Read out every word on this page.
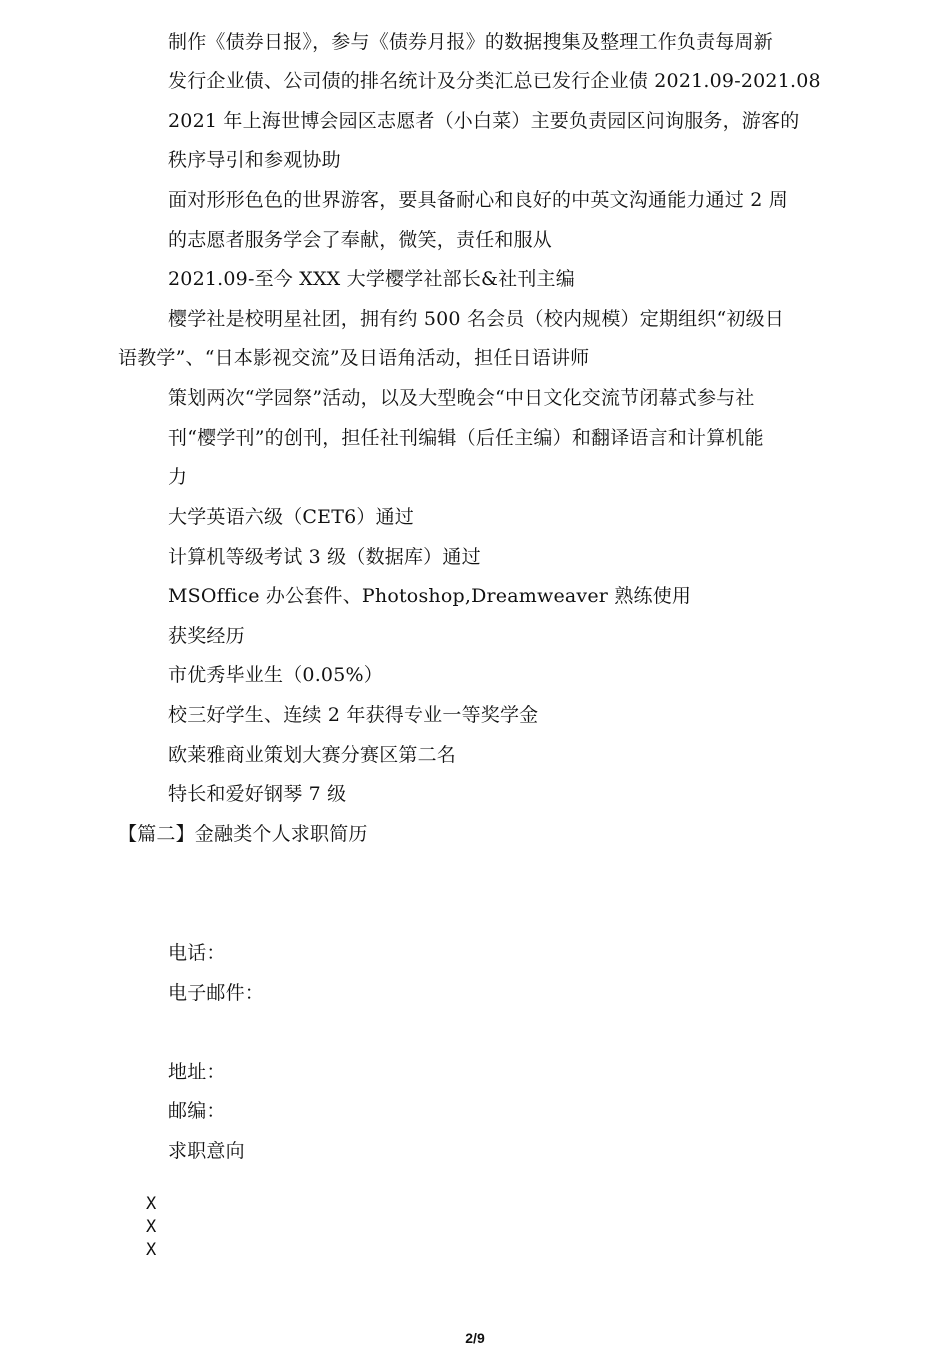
制作《债券日报》，参与《债券月报》的数据搜集及整理工作负责每周新
发行企业债、公司债的排名统计及分类汇总已发行企业债 2021.09-2021.08
2021 年上海世博会园区志愿者（小白菜）主要负责园区问询服务，游客的
秩序导引和参观协助
面对形形色色的世界游客，要具备耐心和良好的中英文沟通能力通过 2 周
的志愿者服务学会了奉献，微笑，责任和服从
2021.09-至今 XXX 大学樱学社部长&社刊主编
樱学社是校明星社团，拥有约 500 名会员（校内规模）定期组织“初级日
语教学”、“日本影视交流”及日语角活动，担任日语讲师
策划两次“学园祭”活动，以及大型晚会“中日文化交流节闭幕式参与社
刊“樱学刊”的创刊，担任社刊编辑（后任主编）和翻译语言和计算机能
力
大学英语六级（CET6）通过
计算机等级考试 3 级（数据库）通过
MSOffice 办公套件、Photoshop,Dreamweaver 熟练使用
获奖经历
市优秀毕业生（0.05%）
校三好学生、连续 2 年获得专业一等奖学金
欧莱雅商业策划大赛分赛区第二名
特长和爱好钢琴 7 级
【篇二】金融类个人求职简历
电话：
电子邮件：
地址：
邮编：
求职意向
X
X
X
2/9
